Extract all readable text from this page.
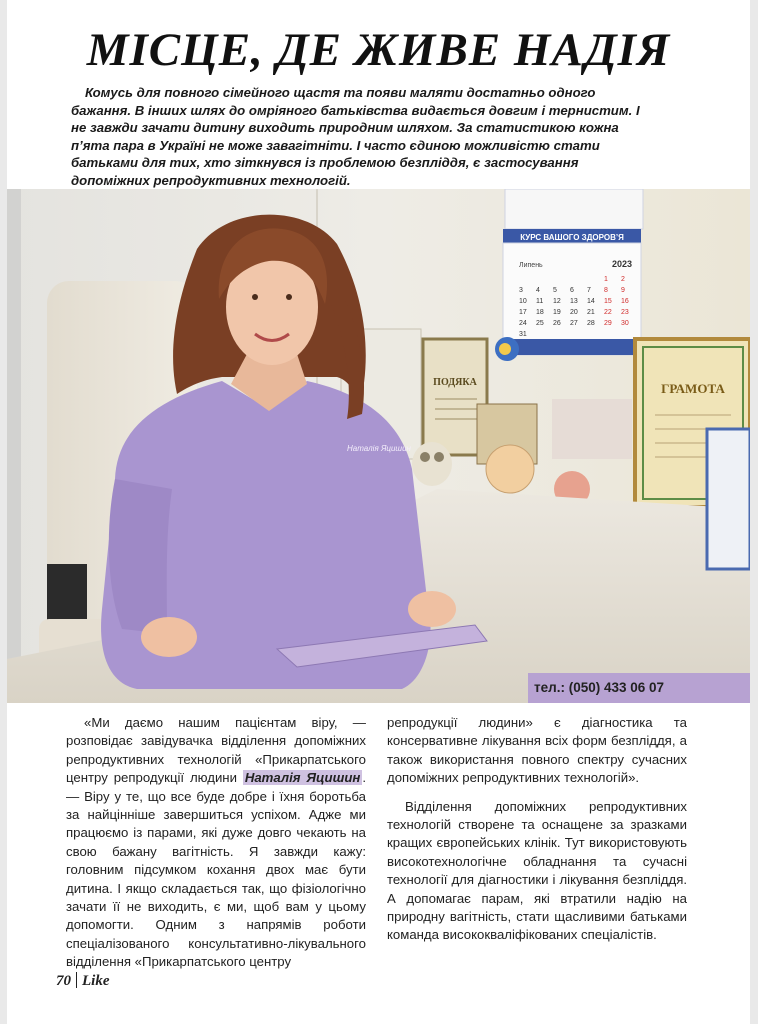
МІСЦЕ, ДЕ ЖИВЕ НАДІЯ

Комусь для повного сімейного щастя та появи маляти достатньо одного бажання. В інших шлях до омріяного батьківства видається довгим і тернистим. І не завжди зачати дитину виходить природним шляхом. За статистикою кожна п’ята пара в Україні не може завагітніти. І часто єдиною можливістю стати батьками для тих, хто зіткнувся із проблемою безпліддя, є застосування допоміжних репродуктивних технологій.

КУРС ВАШОГО ЗДОРОВ’Я
Липень	2023
1 2
3 4 5 6 7 8 9
10 11 12 13 14 15 16
17 18 19 20 21 22 23
24 25 26 27 28 29 30
31
ПОДЯКА	ГРАМОТА
Наталія Яцишин
тел.: (050) 433 06 07

«Ми даємо нашим пацієнтам віру, — розповідає завідувачка відділення допоміжних репродуктивних технологій «Прикарпатського центру репродукції людини Наталія Яцишин . — Віру у те, що все буде добре і їхня боротьба за найцінніше завершиться успіхом. Адже ми працюємо із парами, які дуже довго чекають на свою бажану вагітність. Я завжди кажу: головним підсумком кохання двох має бути дитина. І якщо складається так, що фізіологічно зачати її не виходить, є ми, щоб вам у цьому допомогти. Одним з напрямів роботи спеціалізованого консультативно-лікувального відділення «Прикарпатського центру

репродукції людини» є діагностика та консервативне лікування всіх форм безпліддя, а також використання повного спектру сучасних допоміжних репродуктивних технологій».

Відділення допоміжних репродуктивних технологій створене та оснащене за зразками кращих європейських клінік. Тут використовують високотехнологічне обладнання та сучасні технології для діагностики і лікування безпліддя. А допомагає парам, які втратили надію на природну вагітність, стати щасливими батьками команда висококваліфікованих спеціалістів.

70 Like
